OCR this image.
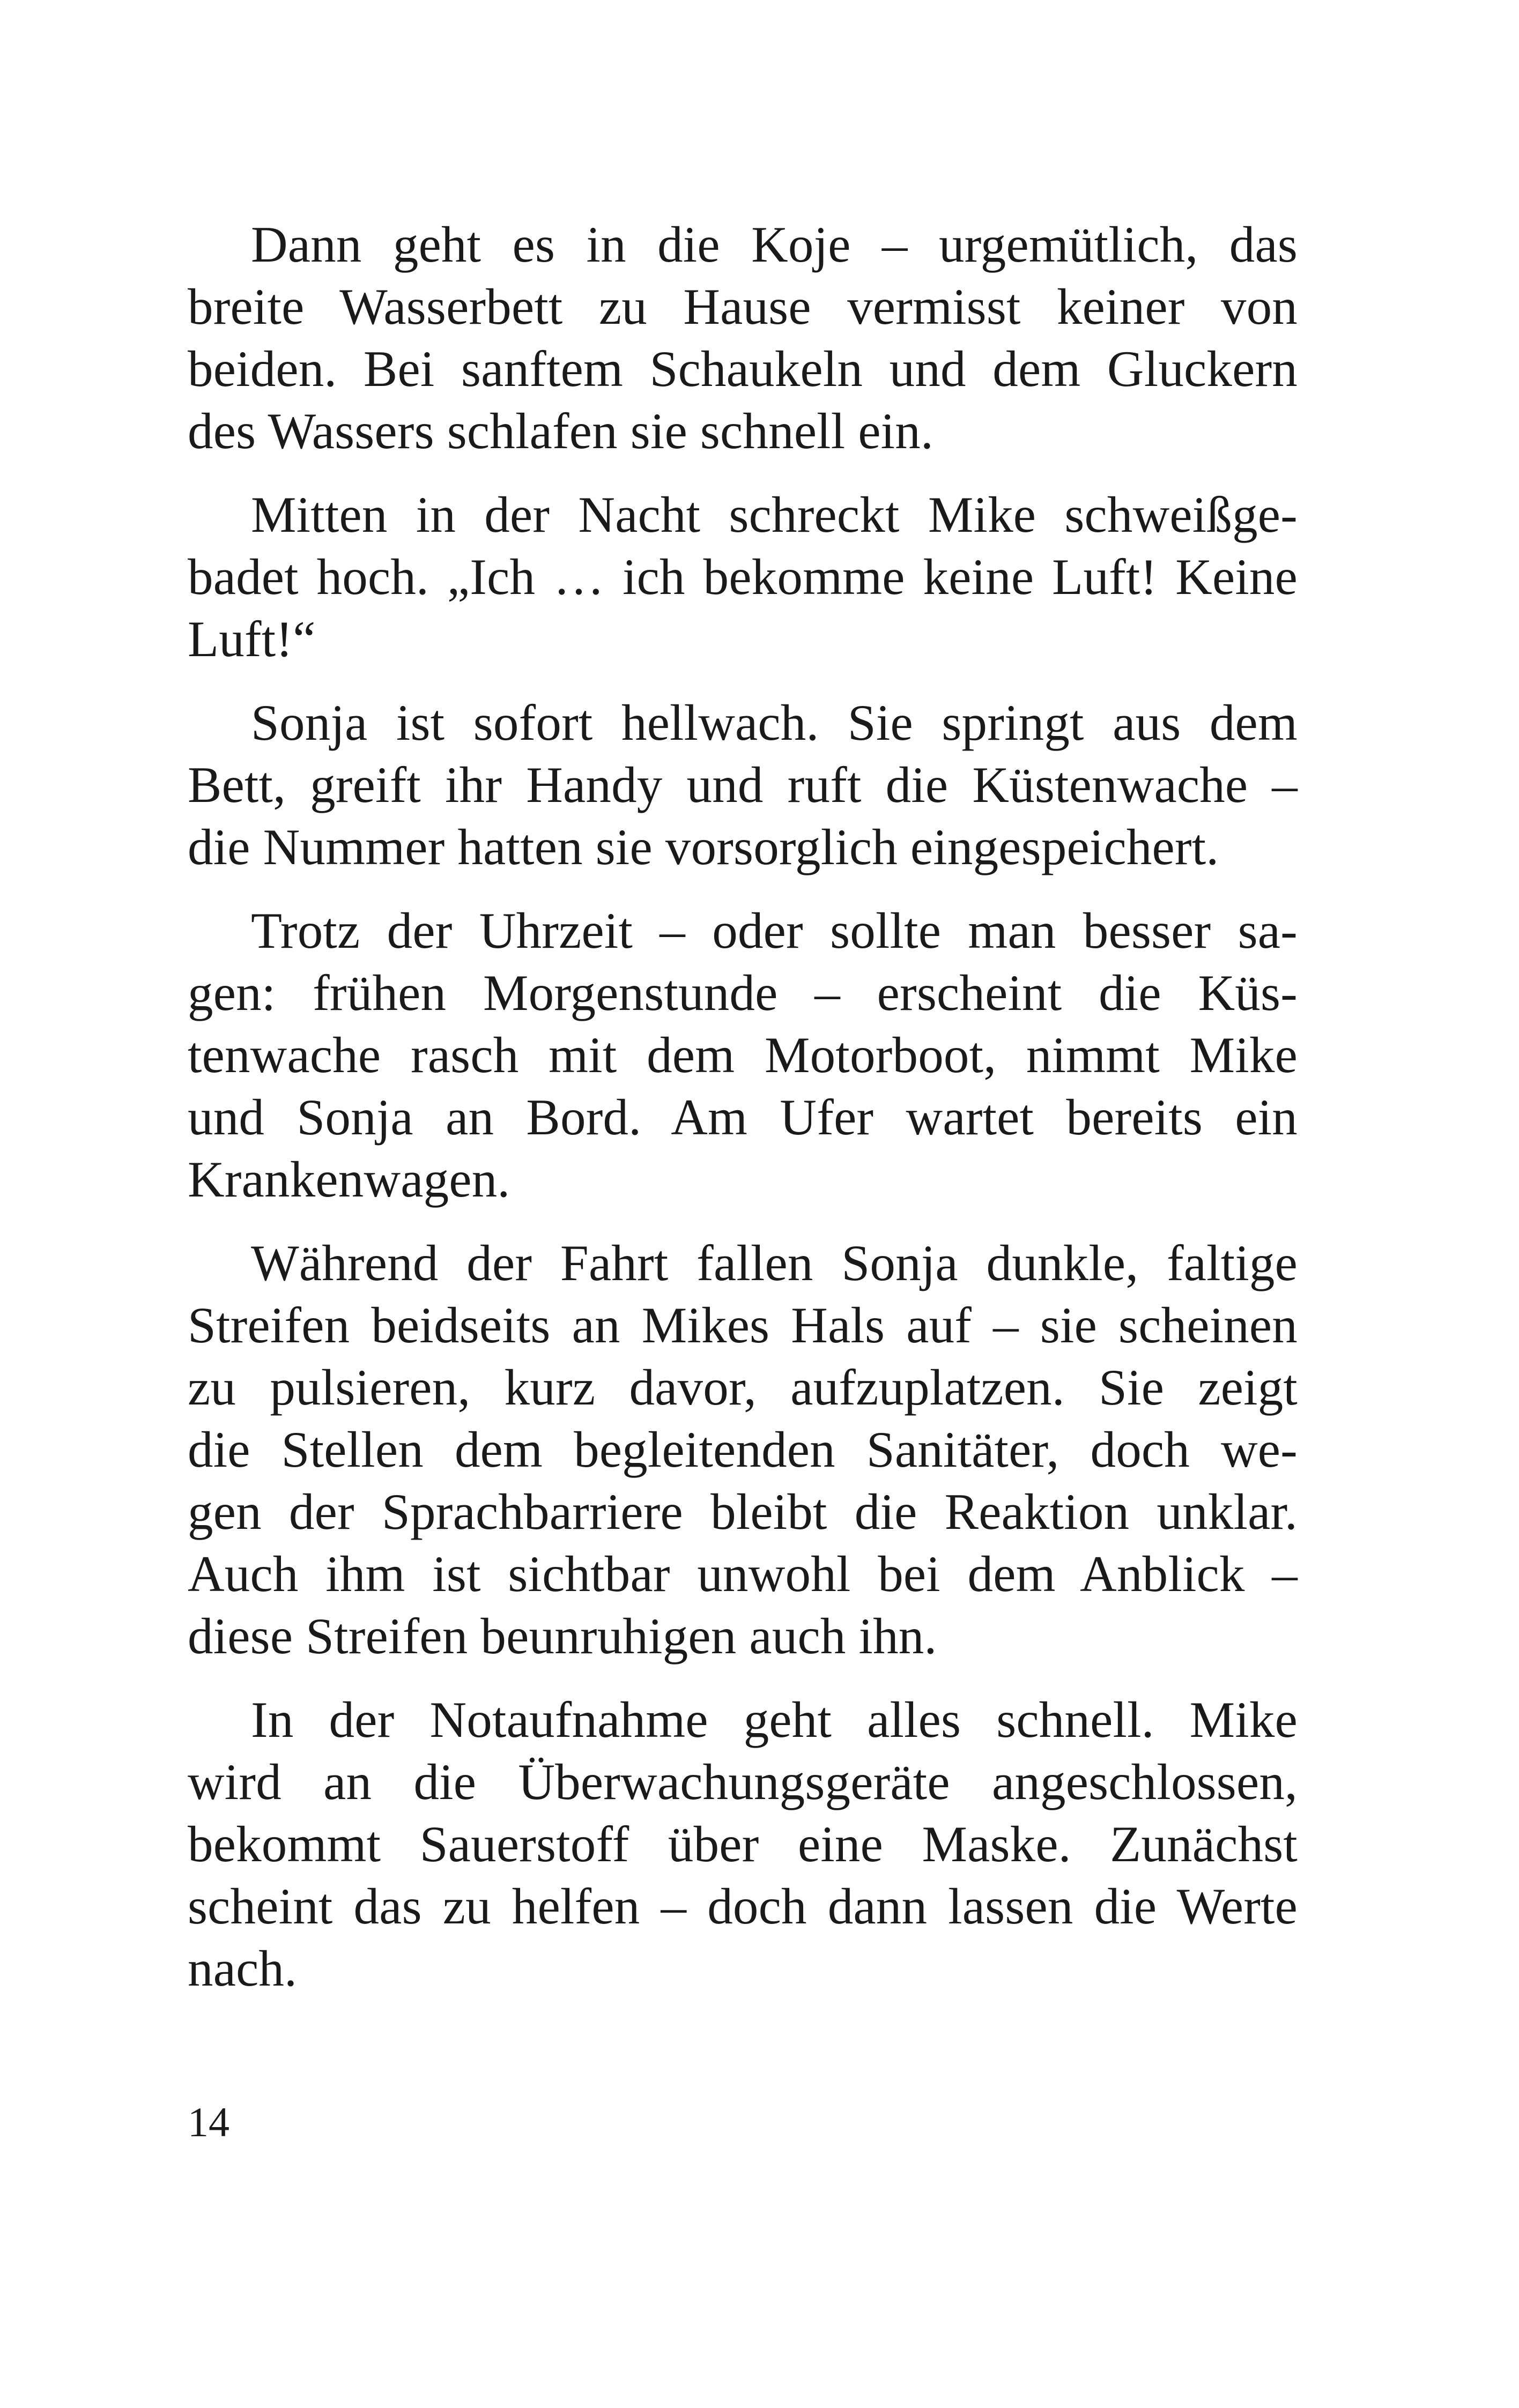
Dann geht es in die Koje – urgemütlich, das
breite Wasserbett zu Hause vermisst keiner von
beiden. Bei sanftem Schaukeln und dem Gluckern
des Wassers schlafen sie schnell ein.
Mitten in der Nacht schreckt Mike schweißge-
badet hoch. „Ich … ich bekomme keine Luft! Keine
Luft!“
Sonja ist sofort hellwach. Sie springt aus dem
Bett, greift ihr Handy und ruft die Küstenwache –
die Nummer hatten sie vorsorglich eingespeichert.
Trotz der Uhrzeit – oder sollte man besser sa-
gen: frühen Morgenstunde – erscheint die Küs-
tenwache rasch mit dem Motorboot, nimmt Mike
und Sonja an Bord. Am Ufer wartet bereits ein
Krankenwagen.
Während der Fahrt fallen Sonja dunkle, faltige
Streifen beidseits an Mikes Hals auf – sie scheinen
zu pulsieren, kurz davor, aufzuplatzen. Sie zeigt
die Stellen dem begleitenden Sanitäter, doch we-
gen der Sprachbarriere bleibt die Reaktion unklar.
Auch ihm ist sichtbar unwohl bei dem Anblick –
diese Streifen beunruhigen auch ihn.
In der Notaufnahme geht alles schnell. Mike
wird an die Überwachungsgeräte angeschlossen,
bekommt Sauerstoff über eine Maske. Zunächst
scheint das zu helfen – doch dann lassen die Werte
nach.
14
